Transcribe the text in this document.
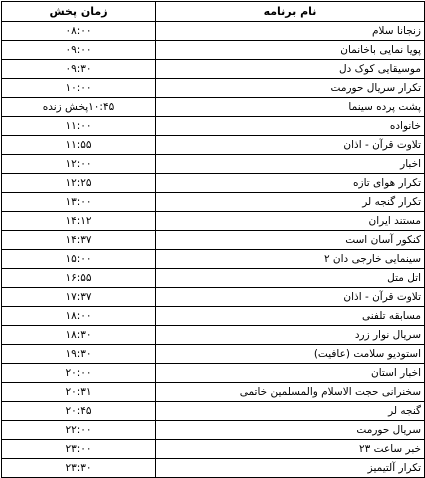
زمان پخش	نام برنامه
۰۸:۰۰	زنجانا سلام
۰۹:۰۰	پویا نمایی باخانمان
۰۹:۳۰	موسیقایی کوک دل
۱۰:۰۰	تکرار سریال حورمت
۱۰:۴۵پخش زنده	پشت پرده سینما
۱۱:۰۰	خانواده
۱۱:۵۵	تلاوت قرآن - اذان
۱۲:۰۰	اخبار
۱۲:۲۵	تکرار هوای تازه
۱۳:۰۰	تکرار گنجه لر
۱۴:۱۲	مستند ایران
۱۴:۳۷	کنکور آسان است
۱۵:۰۰	سینمایی خارجی دان ۲
۱۶:۵۵	اتل متل
۱۷:۳۷	تلاوت قرآن - اذان
۱۸:۰۰	مسابقه تلفنی
۱۸:۳۰	سریال نوار زرد
۱۹:۳۰	استودیو سلامت (عافیت)
۲۰:۰۰	اخبار استان
۲۰:۳۱	سخنرانی حجت الاسلام والمسلمین خاتمی
۲۰:۴۵	گنجه لر
۲۲:۰۰	سریال حورمت
۲۳:۰۰	خبر ساعت ۲۳
۲۳:۳۰	تکرار آلتیمیز
